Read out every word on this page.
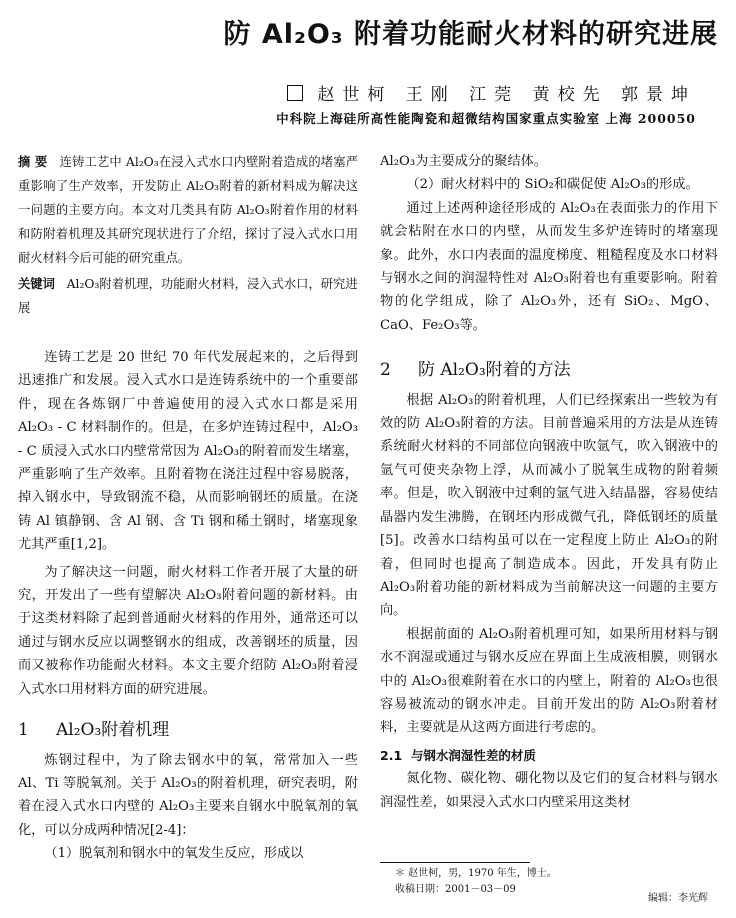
防 Al₂O₃ 附着功能耐火材料的研究进展
赵世柯 王刚 江莞 黄校先 郭景坤
中科院上海硅所高性能陶瓷和超微结构国家重点实验室 上海 200050
摘 要 连铸工艺中 Al₂O₃在浸入式水口内壁附着造成的堵塞严重影响了生产效率，开发防止 Al₂O₃附着的新材料成为解决这一问题的主要方向。本文对几类具有防 Al₂O₃附着作用的材料和防附着机理及其研究现状进行了介绍，探讨了浸入式水口用耐火材料今后可能的研究重点。
关键词 Al₂O₃附着机理，功能耐火材料，浸入式水口，研究进展

连铸工艺是 20 世纪 70 年代发展起来的，之后得到迅速推广和发展。浸入式水口是连铸系统中的一个重要部件，现在各炼钢厂中普遍使用的浸入式水口都是采用 Al₂O₃ - C 材料制作的。但是，在多炉连铸过程中，Al₂O₃ - C 质浸入式水口内壁常常因为 Al₂O₃的附着而发生堵塞，严重影响了生产效率。且附着物在浇注过程中容易脱落，掉入钢水中，导致钢流不稳，从而影响钢坯的质量。在浇铸 Al 镇静钢、含 Al 钢、含 Ti 钢和稀土钢时，堵塞现象尤其严重[1,2]。

为了解决这一问题，耐火材料工作者开展了大量的研究，开发出了一些有望解决 Al₂O₃附着问题的新材料。由于这类材料除了起到普通耐火材料的作用外，通常还可以通过与钢水反应以调整钢水的组成，改善钢坯的质量，因而又被称作功能耐火材料。本文主要介绍防 Al₂O₃附着浸入式水口用材料方面的研究进展。

1 Al₂O₃附着机理

炼钢过程中，为了除去钢水中的氧，常常加入一些 Al、Ti 等脱氧剂。关于 Al₂O₃的附着机理，研究表明，附着在浸入式水口内壁的 Al₂O₃主要来自钢水中脱氧剂的氧化，可以分成两种情况[2-4]：

（1）脱氧剂和钢水中的氧发生反应，形成以

Al₂O₃为主要成分的聚结体。

（2）耐火材料中的 SiO₂和碳促使 Al₂O₃的形成。

通过上述两种途径形成的 Al₂O₃在表面张力的作用下就会粘附在水口的内壁，从而发生多炉连铸时的堵塞现象。此外，水口内表面的温度梯度、粗糙程度及水口材料与钢水之间的润湿特性对 Al₂O₃附着也有重要影响。附着物的化学组成，除了 Al₂O₃外，还有 SiO₂、MgO、CaO、Fe₂O₃等。

2 防 Al₂O₃附着的方法

根据 Al₂O₃的附着机理，人们已经探索出一些较为有效的防 Al₂O₃附着的方法。目前普遍采用的方法是从连铸系统耐火材料的不同部位向钢液中吹氩气，吹入钢液中的氩气可使夹杂物上浮，从而减小了脱氧生成物的附着频率。但是，吹入钢液中过剩的氩气进入结晶器，容易使结晶器内发生沸腾，在钢坯内形成微气孔，降低钢坯的质量[5]。改善水口结构虽可以在一定程度上防止 Al₂O₃的附着，但同时也提高了制造成本。因此，开发具有防止 Al₂O₃附着功能的新材料成为当前解决这一问题的主要方向。

根据前面的 Al₂O₃附着机理可知，如果所用材料与钢水不润湿或通过与钢水反应在界面上生成液相膜，则钢水中的 Al₂O₃很难附着在水口的内壁上，附着的 Al₂O₃也很容易被流动的钢水冲走。目前开发出的防 Al₂O₃附着材料，主要就是从这两方面进行考虑的。

2.1 与钢水润湿性差的材质

氮化物、碳化物、硼化物以及它们的复合材料与钢水润湿性差，如果浸入式水口内壁采用这类材

＊ 赵世柯，男，1970 年生，博士。
收稿日期：2001－03－09
编辑：李光辉
